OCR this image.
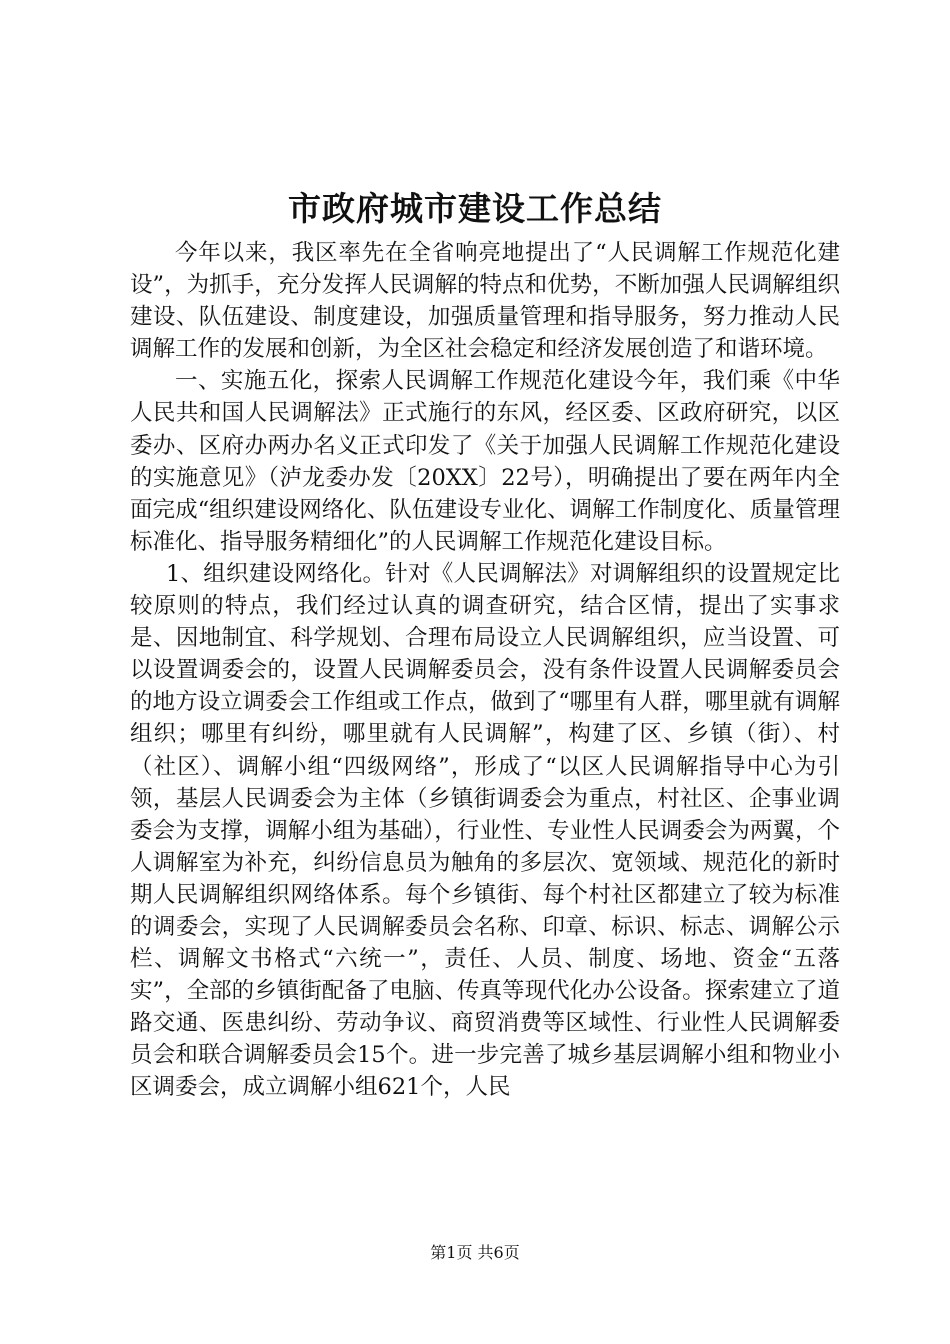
市政府城市建设工作总结

今年以来，我区率先在全省响亮地提出了“人民调解工作规范化建设”，为抓手，充分发挥人民调解的特点和优势，不断加强人民调解组织建设、队伍建设、制度建设，加强质量管理和指导服务，努力推动人民调解工作的发展和创新，为全区社会稳定和经济发展创造了和谐环境。

一、实施五化，探索人民调解工作规范化建设今年，我们乘《中华人民共和国人民调解法》正式施行的东风，经区委、区政府研究，以区委办、区府办两办名义正式印发了《关于加强人民调解工作规范化建设的实施意见》（泸龙委办发〔20XX〕22号），明确提出了要在两年内全面完成“组织建设网络化、队伍建设专业化、调解工作制度化、质量管理标准化、指导服务精细化”的人民调解工作规范化建设目标。

1、组织建设网络化。针对《人民调解法》对调解组织的设置规定比较原则的特点，我们经过认真的调查研究，结合区情，提出了实事求是、因地制宜、科学规划、合理布局设立人民调解组织，应当设置、可以设置调委会的，设置人民调解委员会，没有条件设置人民调解委员会的地方设立调委会工作组或工作点，做到了“哪里有人群，哪里就有调解组织；哪里有纠纷，哪里就有人民调解”，构建了区、乡镇（街）、村（社区）、调解小组“四级网络”，形成了“以区人民调解指导中心为引领，基层人民调委会为主体（乡镇街调委会为重点，村社区、企事业调委会为支撑，调解小组为基础），行业性、专业性人民调委会为两翼，个人调解室为补充，纠纷信息员为触角的多层次、宽领域、规范化的新时期人民调解组织网络体系。每个乡镇街、每个村社区都建立了较为标准的调委会，实现了人民调解委员会名称、印章、标识、标志、调解公示栏、调解文书格式“六统一”，责任、人员、制度、场地、资金“五落实”，全部的乡镇街配备了电脑、传真等现代化办公设备。探索建立了道路交通、医患纠纷、劳动争议、商贸消费等区域性、行业性人民调解委员会和联合调解委员会15个。进一步完善了城乡基层调解小组和物业小区调委会，成立调解小组621个，人民

第1页 共6页
